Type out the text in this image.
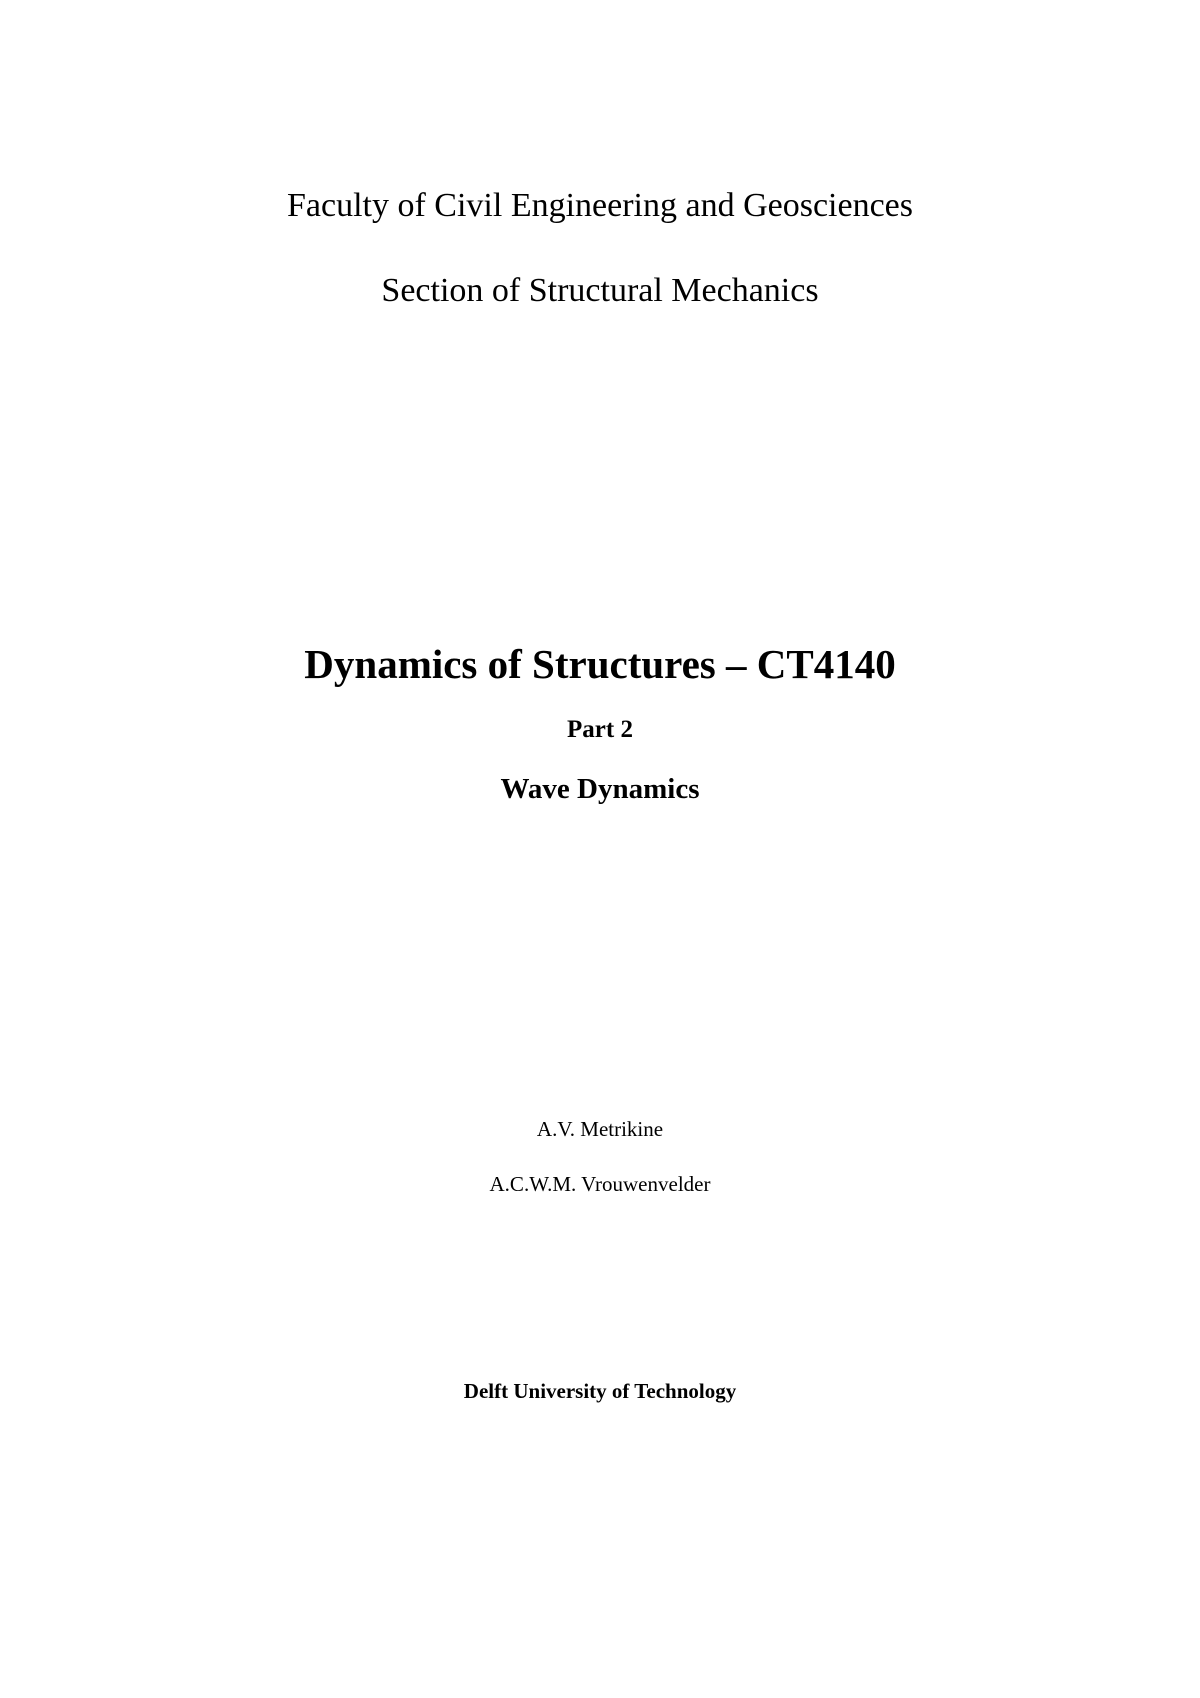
Faculty of Civil Engineering and Geosciences
Section of Structural Mechanics
Dynamics of Structures – CT4140
Part 2
Wave Dynamics
A.V. Metrikine
A.C.W.M. Vrouwenvelder
Delft University of Technology
